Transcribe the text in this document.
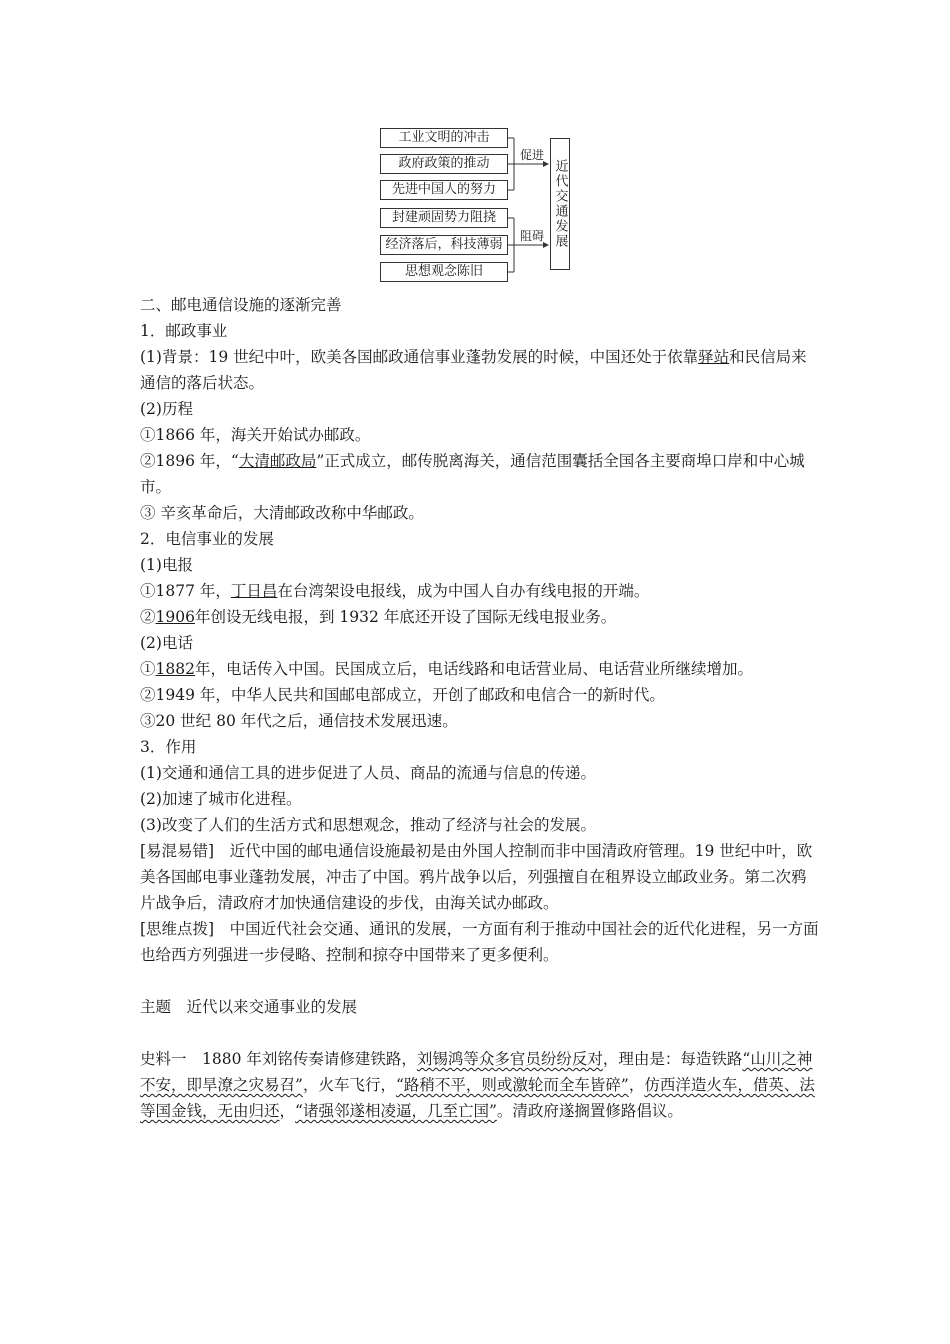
工业文明的冲击
政府政策的推动
先进中国人的努力
封建顽固势力阻挠
经济落后，科技薄弱
思想观念陈旧
促进
阻碍 近代交通发展

二、邮电通信设施的逐渐完善

1．邮政事业

(1)背景：19 世纪中叶，欧美各国邮政通信事业蓬勃发展的时候，中国还处于依靠驿站和民信局来通信的落后状态。

(2)历程

①1866 年，海关开始试办邮政。

②1896 年，“大清邮政局”正式成立，邮传脱离海关，通信范围囊括全国各主要商埠口岸和中心城市。

③ 辛亥革命后，大清邮政改称中华邮政。

2．电信事业的发展

(1)电报

①1877 年，丁日昌在台湾架设电报线，成为中国人自办有线电报的开端。

②1906年创设无线电报，到 1932 年底还开设了国际无线电报业务。

(2)电话

①1882年，电话传入中国。民国成立后，电话线路和电话营业局、电话营业所继续增加。

②1949 年，中华人民共和国邮电部成立，开创了邮政和电信合一的新时代。

③20 世纪 80 年代之后，通信技术发展迅速。

3．作用

(1)交通和通信工具的进步促进了人员、商品的流通与信息的传递。

(2)加速了城市化进程。

(3)改变了人们的生活方式和思想观念，推动了经济与社会的发展。

[易混易错]　近代中国的邮电通信设施最初是由外国人控制而非中国清政府管理。19 世纪中叶，欧美各国邮电事业蓬勃发展，冲击了中国。鸦片战争以后，列强擅自在租界设立邮政业务。第二次鸦片战争后，清政府才加快通信建设的步伐，由海关试办邮政。

[思维点拨]　中国近代社会交通、通讯的发展，一方面有利于推动中国社会的近代化进程，另一方面也给西方列强进一步侵略、控制和掠夺中国带来了更多便利。

主题　近代以来交通事业的发展

史料一　1880 年刘铭传奏请修建铁路，刘锡鸿等众多官员纷纷反对，理由是：每造铁路“山川之神不安，即旱潦之灾易召”，火车飞行，“路稍不平，则或激轮而全车皆碎”，仿西洋造火车，借英、法等国金钱，无由归还，“诸强邻遂相凌逼，几至亡国”。清政府遂搁置修路倡议。
